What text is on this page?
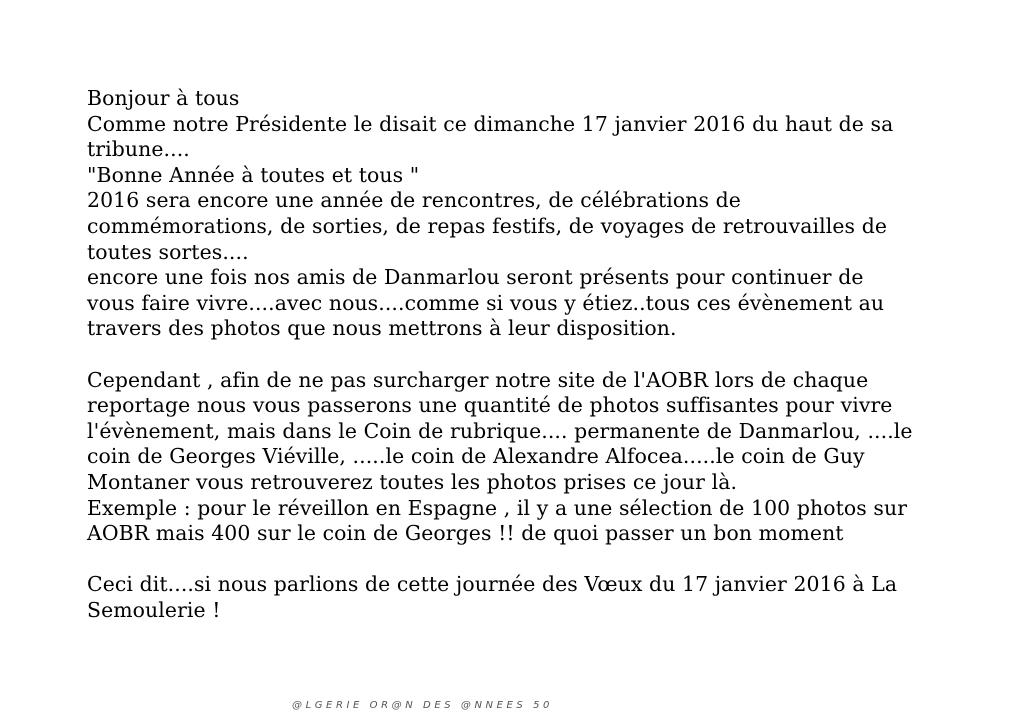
Bonjour à tous
Comme notre Présidente le disait ce dimanche 17 janvier 2016 du haut de sa
tribune....
"Bonne Année à toutes et tous "
2016 sera encore une année de rencontres, de célébrations de
commémorations, de sorties, de repas festifs, de voyages de retrouvailles de
toutes sortes....
encore une fois nos amis de Danmarlou seront présents pour continuer de
vous faire vivre....avec nous....comme si vous y étiez..tous ces évènement au
travers des photos que nous mettrons à leur disposition.
Cependant , afin de ne pas surcharger notre site de l'AOBR lors de chaque
reportage nous vous passerons une quantité de photos suffisantes pour vivre
l'évènement, mais dans le Coin de rubrique.... permanente de Danmarlou, ....le
coin de Georges Viéville, .....le coin de Alexandre Alfocea.....le coin de Guy
Montaner vous retrouverez toutes les photos prises ce jour là.
Exemple : pour le réveillon en Espagne , il y a une sélection de 100 photos sur
AOBR mais 400 sur le coin de Georges !! de quoi passer un bon moment
Ceci dit....si nous parlions de cette journée des Vœux du 17 janvier 2016 à La
Semoulerie !
@ L G E R I E   O R @ N   D E S   @ N N E E S   5 0
